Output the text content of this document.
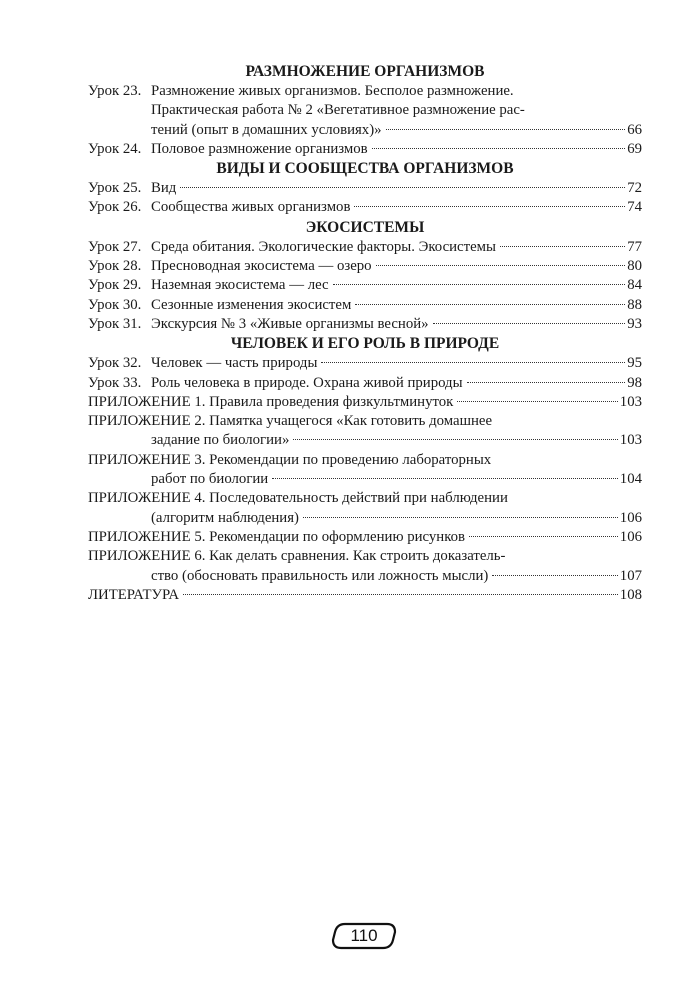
РАЗМНОЖЕНИЕ ОРГАНИЗМОВ
Урок 23. Размножение живых организмов. Бесполое размножение.
Практическая работа № 2 «Вегетативное размножение рас-
тений (опыт в домашних условиях)»	66
Урок 24. Половое размножение организмов	69
ВИДЫ И СООБЩЕСТВА ОРГАНИЗМОВ
Урок 25. Вид	72
Урок 26. Сообщества живых организмов	74
ЭКОСИСТЕМЫ
Урок 27. Среда обитания. Экологические факторы. Экосистемы	77
Урок 28. Пресноводная экосистема — озеро	80
Урок 29. Наземная экосистема — лес	84
Урок 30. Сезонные изменения экосистем	88
Урок 31. Экскурсия № 3 «Живые организмы весной»	93
ЧЕЛОВЕК И ЕГО РОЛЬ В ПРИРОДЕ
Урок 32. Человек — часть природы	95
Урок 33. Роль человека в природе. Охрана живой природы	98
ПРИЛОЖЕНИЕ 1. Правила проведения физкультминуток	103
ПРИЛОЖЕНИЕ 2. Памятка учащегося «Как готовить домашнее
задание по биологии»	103
ПРИЛОЖЕНИЕ 3. Рекомендации по проведению лабораторных
работ по биологии	104
ПРИЛОЖЕНИЕ 4. Последовательность действий при наблюдении
(алгоритм наблюдения)	106
ПРИЛОЖЕНИЕ 5. Рекомендации по оформлению рисунков	106
ПРИЛОЖЕНИЕ 6. Как делать сравнения. Как строить доказатель-
ство (обосновать правильность или ложность мысли)	107
ЛИТЕРАТУРА	108
110
